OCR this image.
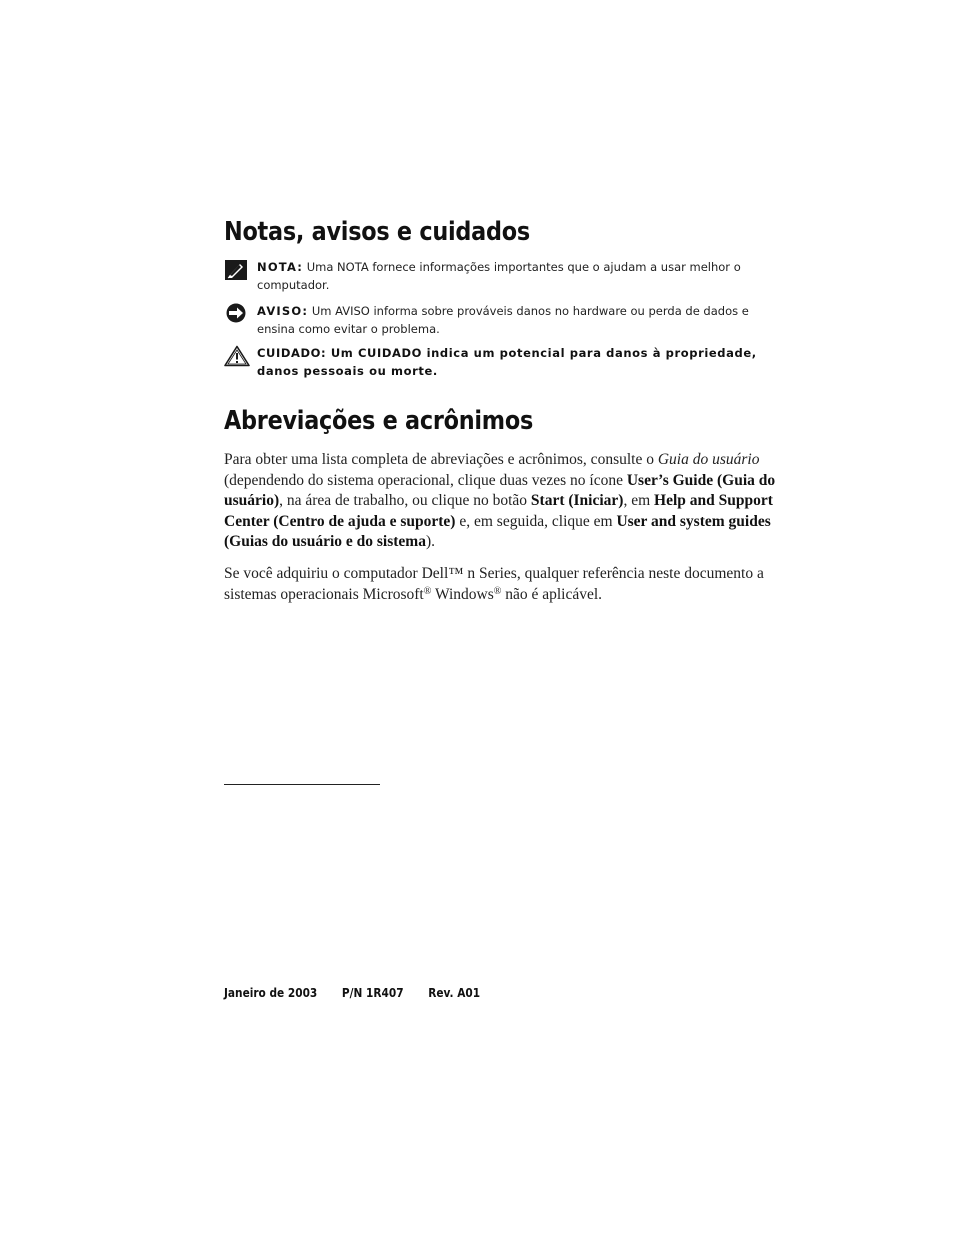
Notas, avisos e cuidados
NOTA: Uma NOTA fornece informações importantes que o ajudam a usar melhor o computador.
AVISO: Um AVISO informa sobre prováveis danos no hardware ou perda de dados e ensina como evitar o problema.
CUIDADO: Um CUIDADO indica um potencial para danos à propriedade, danos pessoais ou morte.
Abreviações e acrônimos

Para obter uma lista completa de abreviações e acrônimos, consulte o Guia do usuário (dependendo do sistema operacional, clique duas vezes no ícone User’s Guide (Guia do usuário), na área de trabalho, ou clique no botão Start (Iniciar), em Help and Support Center (Centro de ajuda e suporte) e, em seguida, clique em User and system guides (Guias do usuário e do sistema).

Se você adquiriu o computador Dell™ n Series, qualquer referência neste documento a sistemas operacionais Microsoft® Windows® não é aplicável.

Janeiro de 2003 P/N 1R407 Rev. A01
